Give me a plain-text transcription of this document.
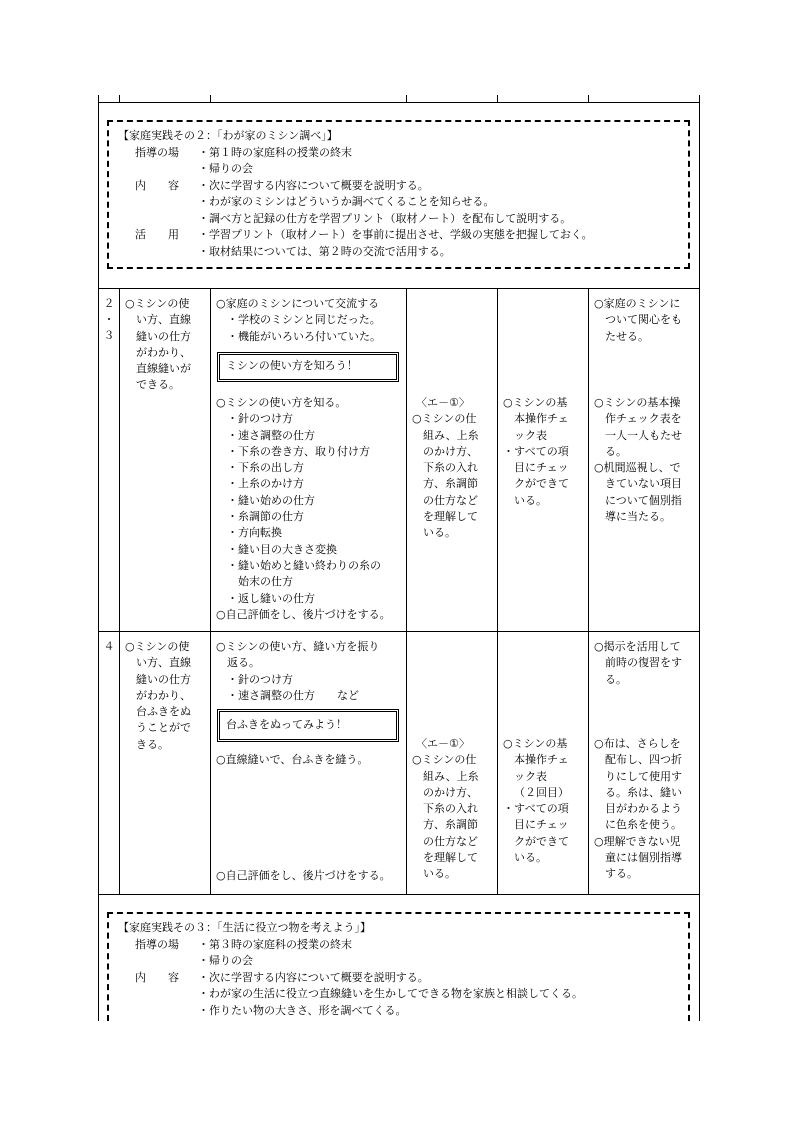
【家庭実践その２：「わが家のミシン調べ」】
指導の場 ・第１時の家庭科の授業の終末
・帰りの会
内　　容 ・次に学習する内容について概要を説明する。
・わが家のミシンはどういうか調べてくることを知らせる。
・調べ方と記録の仕方を学習プリント（取材ノート）を配布して説明する。
活　　用 ・学習プリント（取材ノート）を事前に提出させ、学級の実態を把握しておく。
・取材結果については、第２時の交流で活用する。
２
・
３
○ミシンの使
い方、直線
縫いの仕方
がわかり、
直線縫いが
できる。
○家庭のミシンについて交流する
・学校のミシンと同じだった。
・機能がいろいろ付いていた。
ミシンの使い方を知ろう！
○ミシンの使い方を知る。
・針のつけ方
・速さ調整の仕方
・下糸の巻き方、取り付け方
・下糸の出し方
・上糸のかけ方
・縫い始めの仕方
・糸調節の仕方
・方向転換
・縫い目の大きさ変換
・縫い始めと縫い終わりの糸の
始末の仕方
・返し縫いの仕方
○自己評価をし、後片づけをする。
〈エ－①〉
○ミシンの仕
組み、上糸
のかけ方、
下糸の入れ
方、糸調節
の仕方など
を理解して
いる。
○ミシンの基
本操作チェ
ック表
・すべての項
目にチェッ
クができて
いる。
○家庭のミシンに
ついて関心をも
たせる。
○ミシンの基本操
作チェック表を
一人一人もたせ
る。
○机間巡視し、で
きていない項目
について個別指
導に当たる。
４ ○ミシンの使
い方、直線
縫いの仕方
がわかり、
台ふきをぬ
うことがで
きる。
○ミシンの使い方、縫い方を振り
返る。
・針のつけ方
・速さ調整の仕方　　など
台ふきをぬってみよう！
○直線縫いで、台ふきを縫う。
○自己評価をし、後片づけをする。
〈エ－①〉
○ミシンの仕
組み、上糸
のかけ方、
下糸の入れ
方、糸調節
の仕方など
を理解して
いる。
○ミシンの基
本操作チェ
ック表
（２回目）
・すべての項
目にチェッ
クができて
いる。
○掲示を活用して
前時の復習をす
る。
○布は、さらしを
配布し、四つ折
りにして使用す
る。糸は、縫い
目がわかるよう
に色糸を使う。
○理解できない児
童には個別指導
する。
【家庭実践その３：「生活に役立つ物を考えよう」】
指導の場 ・第３時の家庭科の授業の終末
・帰りの会
内　　容 ・次に学習する内容について概要を説明する。
・わが家の生活に役立つ直線縫いを生かしてできる物を家族と相談してくる。
・作りたい物の大きさ、形を調べてくる。
